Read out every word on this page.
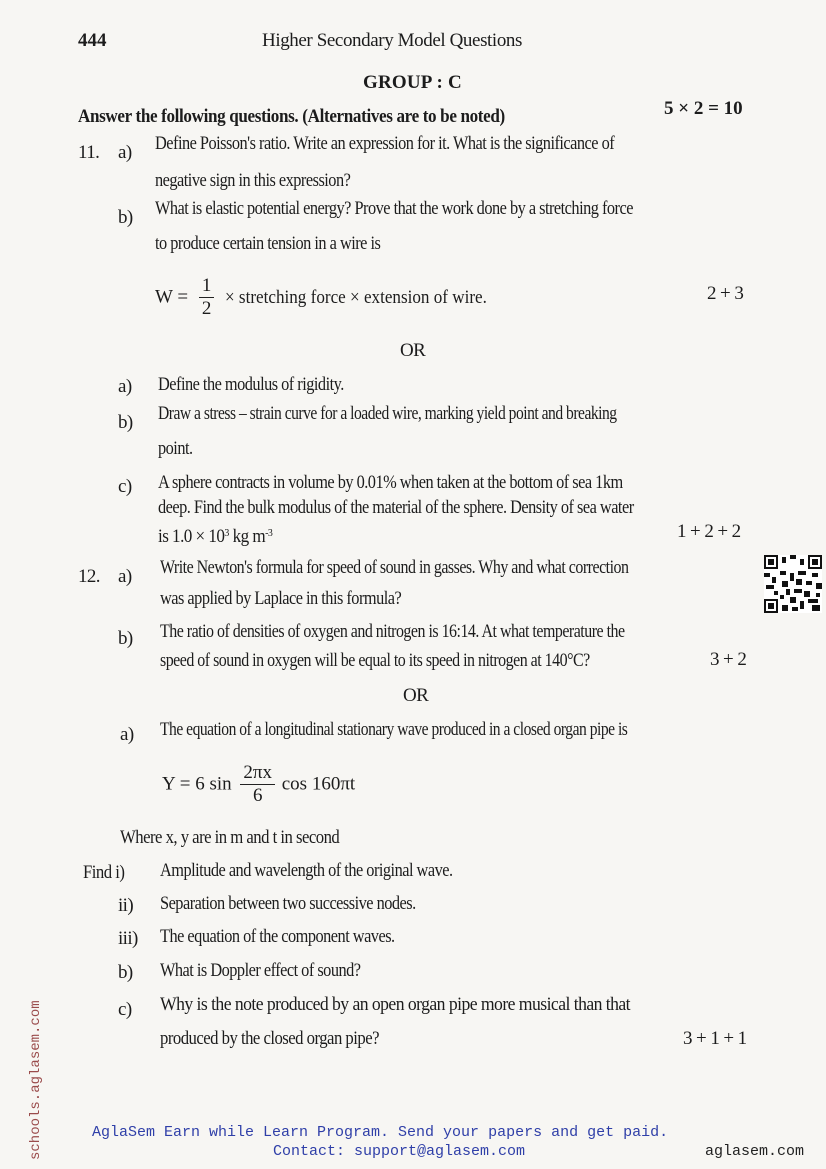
444	Higher Secondary Model Questions
GROUP : C
Answer the following questions. (Alternatives are to be noted)	5 × 2 = 10
11. a) Define Poisson's ratio. Write an expression for it. What is the significance of
negative sign in this expression?
b) What is elastic potential energy? Prove that the work done by a stretching force
to produce certain tension in a wire is
$W = \frac{1}{2}$ × stretching force × extension of wire.	2 + 3
OR
a) Define the modulus of rigidity.
b) Draw a stress – strain curve for a loaded wire, marking yield point and breaking
point.
c) A sphere contracts in volume by 0.01% when taken at the bottom of sea 1km
deep. Find the bulk modulus of the material of the sphere. Density of sea water
is $1.0 \times 10^3$ kg $m^{-3}$	1 + 2 + 2
12. a) Write Newton's formula for speed of sound in gasses. Why and what correction
was applied by Laplace in this formula?
b) The ratio of densities of oxygen and nitrogen is 16:14. At what temperature the
speed of sound in oxygen will be equal to its speed in nitrogen at 140°C?	3 + 2
OR
a) The equation of a longitudinal stationary wave produced in a closed organ pipe is
Y = 6 $\sin \frac{2\pi x}{6}$ cos 160πt
Where x, y are in m and t in second
Find i) Amplitude and wavelength of the original wave.
ii) Separation between two successive nodes.
iii) The equation of the component waves.
b) What is Doppler effect of sound?
c) Why is the note produced by an open organ pipe more musical than that
produced by the closed organ pipe?	3 + 1 + 1
schools.aglasem.com	AglaSem Earn while Learn Program. Send your papers and get paid.
Contact: support@aglasem.com	aglasem.com
